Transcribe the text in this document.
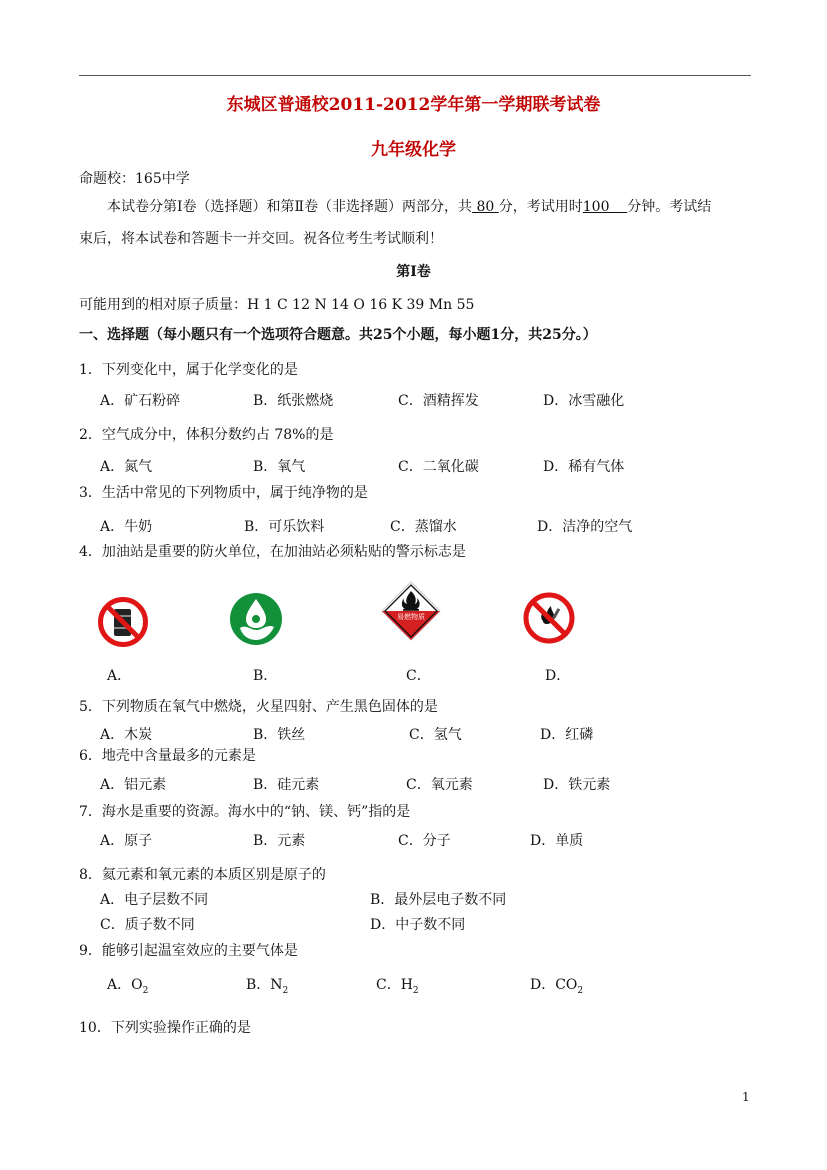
东城区普通校2011-2012学年第一学期联考试卷
九年级化学
命题校：165中学
本试卷分第Ⅰ卷（选择题）和第Ⅱ卷（非选择题）两部分，共 80 分，考试用时100    分钟。考试结
束后，将本试卷和答题卡一并交回。祝各位考生考试顺利！
第Ⅰ卷
可能用到的相对原子质量：H 1 C 12 N 14 O 16 K 39 Mn 55
一、选择题（每小题只有一个选项符合题意。共25个小题，每小题1分，共25分。）
1．下列变化中，属于化学变化的是
A．矿石粉碎	B．纸张燃烧	C．酒精挥发	D．冰雪融化
2．空气成分中，体积分数约占 78%的是
A．氮气	B．氧气	C．二氧化碳	D．稀有气体
3．生活中常见的下列物质中，属于纯净物的是
A．牛奶	B．可乐饮料	C．蒸馏水	D．洁净的空气
4．加油站是重要的防火单位，在加油站必须粘贴的警示标志是
易燃物质
A．	B．	C．	D．
5．下列物质在氧气中燃烧，火星四射、产生黑色固体的是
A．木炭	B．铁丝	C．氢气	D．红磷
6．地壳中含量最多的元素是
A．铝元素	B．硅元素	C．氧元素	D．铁元素
7．海水是重要的资源。海水中的“钠、镁、钙”指的是
A．原子	B．元素	C．分子	D．单质
8．氦元素和氧元素的本质区别是原子的
A．电子层数不同	B．最外层电子数不同
C．质子数不同	D．中子数不同
9．能够引起温室效应的主要气体是
A．$O_2$	B．$N_2$	C．$H_2$	D．$CO_2$
10．下列实验操作正确的是
1
